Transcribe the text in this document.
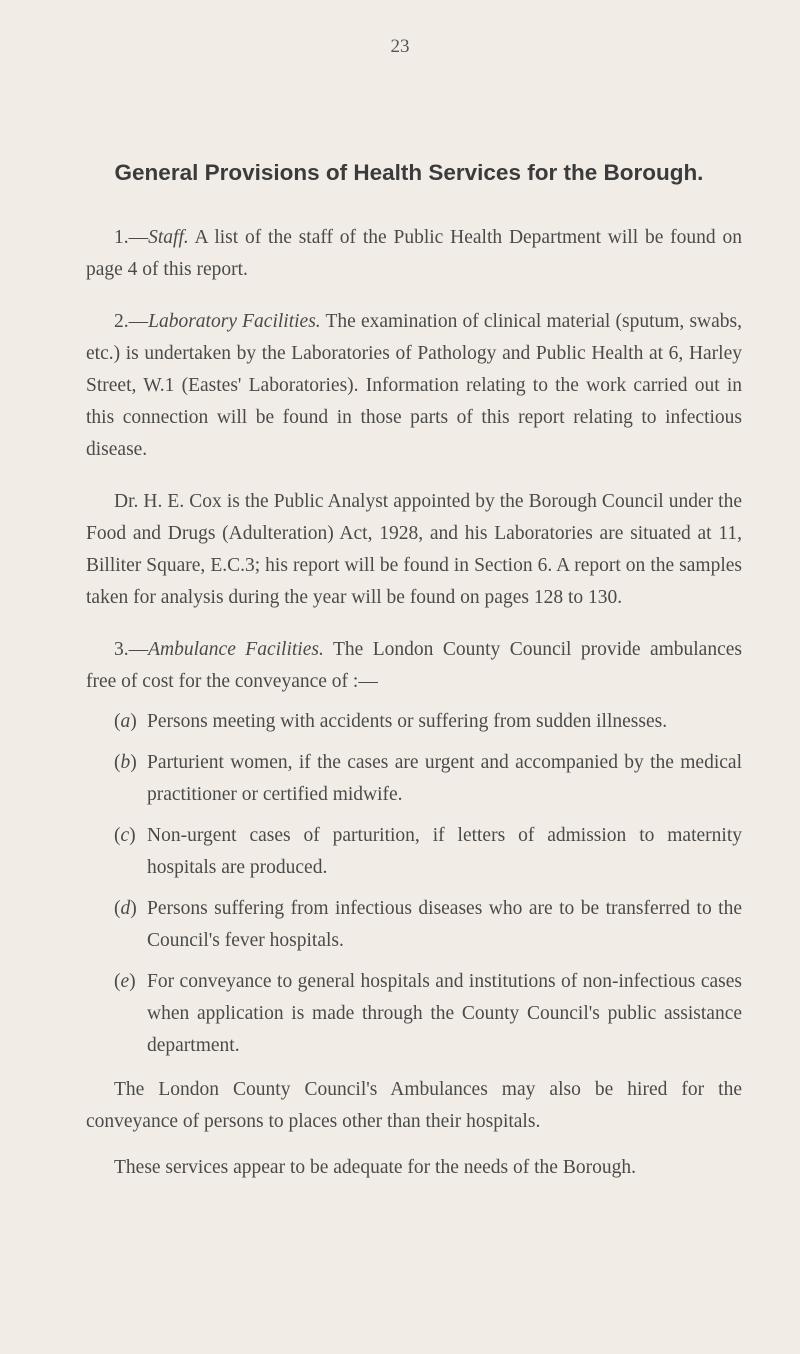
23
General Provisions of Health Services for the Borough.

1.—Staff. A list of the staff of the Public Health Department will be found on page 4 of this report.

2.—Laboratory Facilities. The examination of clinical material (sputum, swabs, etc.) is undertaken by the Laboratories of Pathology and Public Health at 6, Harley Street, W.1 (Eastes' Laboratories). Information relating to the work carried out in this connection will be found in those parts of this report relating to infectious disease.

Dr. H. E. Cox is the Public Analyst appointed by the Borough Council under the Food and Drugs (Adulteration) Act, 1928, and his Laboratories are situated at 11, Billiter Square, E.C.3; his report will be found in Section 6. A report on the samples taken for analysis during the year will be found on pages 128 to 130.

3.—Ambulance Facilities. The London County Council provide ambulances free of cost for the conveyance of :—

(a) Persons meeting with accidents or suffering from sudden illnesses.
(b) Parturient women, if the cases are urgent and accompanied by the medical practitioner or certified midwife.
(c) Non-urgent cases of parturition, if letters of admission to maternity hospitals are produced.
(d) Persons suffering from infectious diseases who are to be transferred to the Council's fever hospitals.
(e) For conveyance to general hospitals and institutions of non-infectious cases when application is made through the County Council's public assistance department.

The London County Council's Ambulances may also be hired for the conveyance of persons to places other than their hospitals.

These services appear to be adequate for the needs of the Borough.
